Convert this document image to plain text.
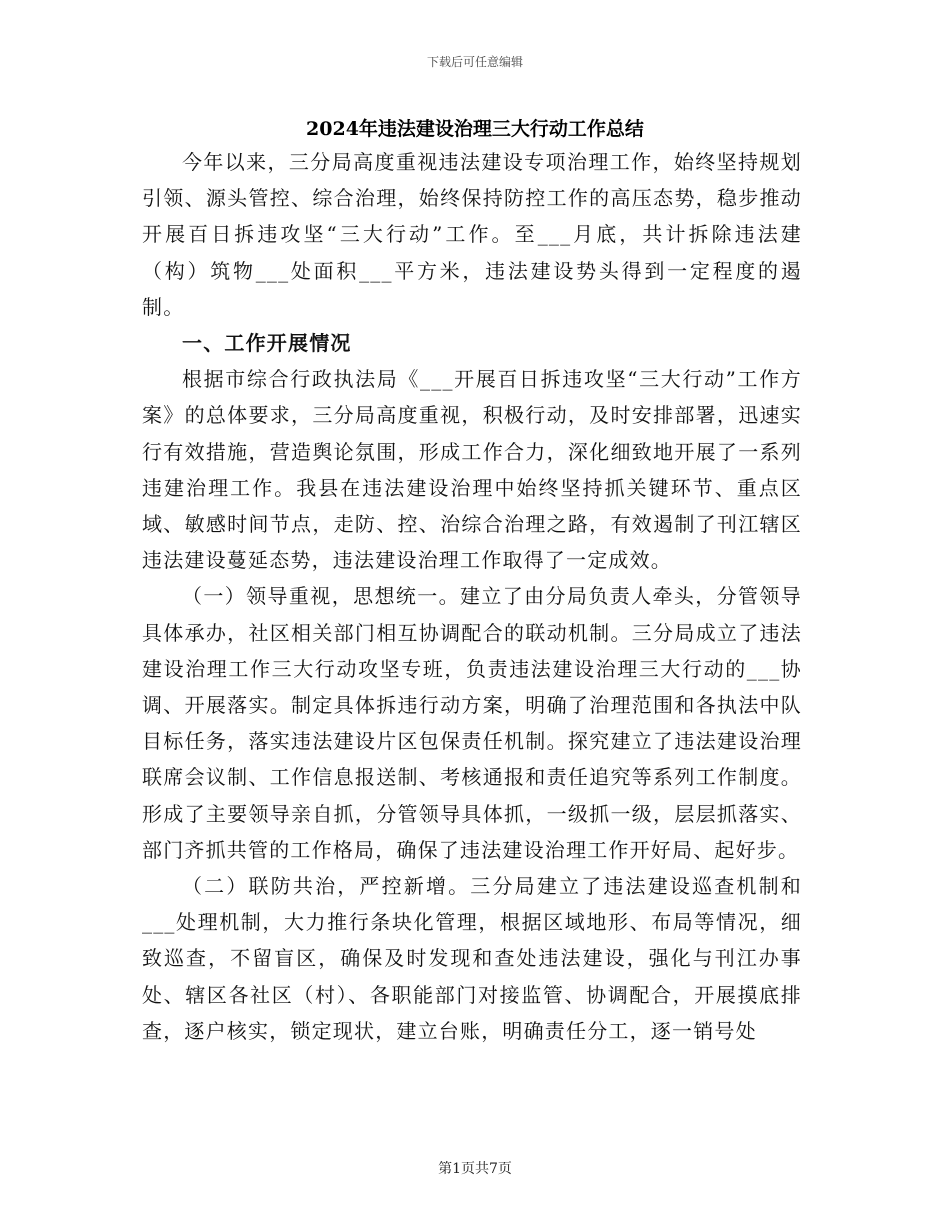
下载后可任意编辑
2024年违法建设治理三大行动工作总结

今年以来，三分局高度重视违法建设专项治理工作，始终坚持规划引领、源头管控、综合治理，始终保持防控工作的高压态势，稳步推动开展百日拆违攻坚“三大行动”工作。至___月底，共计拆除违法建（构）筑物___处面积___平方米，违法建设势头得到一定程度的遏制。

一、工作开展情况

根据市综合行政执法局《___开展百日拆违攻坚“三大行动”工作方案》的总体要求，三分局高度重视，积极行动，及时安排部署，迅速实行有效措施，营造舆论氛围，形成工作合力，深化细致地开展了一系列违建治理工作。我县在违法建设治理中始终坚持抓关键环节、重点区域、敏感时间节点，走防、控、治综合治理之路，有效遏制了刊江辖区违法建设蔓延态势，违法建设治理工作取得了一定成效。

（一）领导重视，思想统一。建立了由分局负责人牵头，分管领导具体承办，社区相关部门相互协调配合的联动机制。三分局成立了违法建设治理工作三大行动攻坚专班，负责违法建设治理三大行动的___协调、开展落实。制定具体拆违行动方案，明确了治理范围和各执法中队目标任务，落实违法建设片区包保责任机制。探究建立了违法建设治理联席会议制、工作信息报送制、考核通报和责任追究等系列工作制度。形成了主要领导亲自抓，分管领导具体抓，一级抓一级，层层抓落实、部门齐抓共管的工作格局，确保了违法建设治理工作开好局、起好步。

（二）联防共治，严控新增。三分局建立了违法建设巡查机制和___处理机制，大力推行条块化管理，根据区域地形、布局等情况，细致巡查，不留盲区，确保及时发现和查处违法建设，强化与刊江办事处、辖区各社区（村）、各职能部门对接监管、协调配合，开展摸底排查，逐户核实，锁定现状，建立台账，明确责任分工，逐一销号处

第1页共7页
